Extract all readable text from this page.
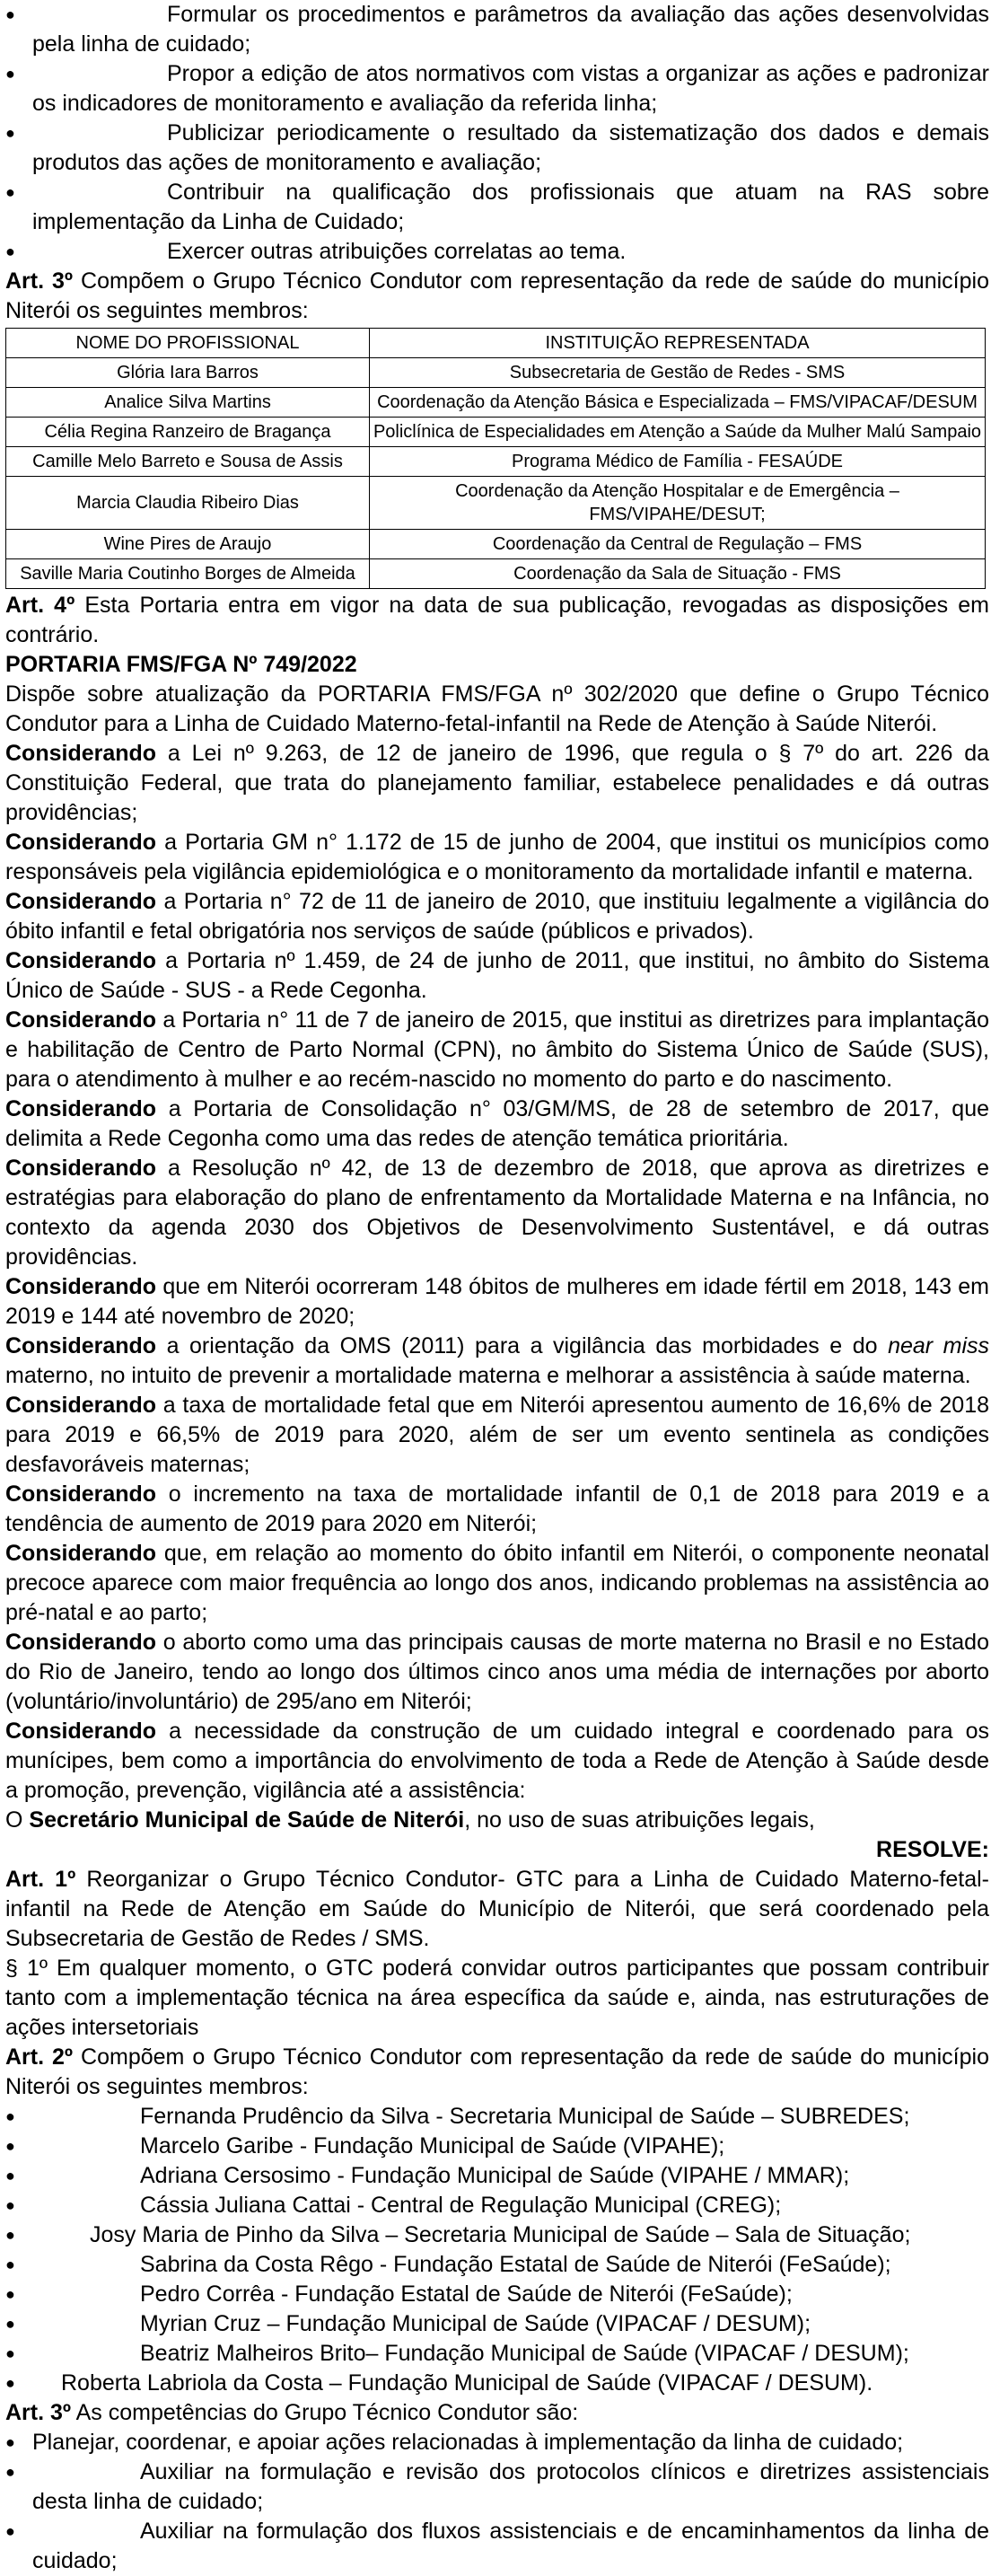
●	Formular os procedimentos e parâmetros da avaliação das ações desenvolvidas pela linha de cuidado;
●	Propor a edição de atos normativos com vistas a organizar as ações e padronizar os indicadores de monitoramento e avaliação da referida linha;
●	Publicizar periodicamente o resultado da sistematização dos dados e demais produtos das ações de monitoramento e avaliação;
●	Contribuir na qualificação dos profissionais que atuam na RAS sobre implementação da Linha de Cuidado;
●	Exercer outras atribuições correlatas ao tema.

Art. 3º Compõem o Grupo Técnico Condutor com representação da rede de saúde do município Niterói os seguintes membros:

NOME DO PROFISSIONAL	INSTITUIÇÃO REPRESENTADA
Glória Iara Barros	Subsecretaria de Gestão de Redes - SMS
Analice Silva Martins	Coordenação da Atenção Básica e Especializada – FMS/VIPACAF/DESUM
Célia Regina Ranzeiro de Bragança	Policlínica de Especialidades em Atenção a Saúde da Mulher Malú Sampaio
Camille Melo Barreto e Sousa de Assis	Programa Médico de Família - FESAÚDE
Marcia Claudia Ribeiro Dias	Coordenação da Atenção Hospitalar e de Emergência – FMS/VIPAHE/DESUT;
Wine Pires de Araujo	Coordenação da Central de Regulação – FMS
Saville Maria Coutinho Borges de Almeida	Coordenação da Sala de Situação - FMS

Art. 4º Esta Portaria entra em vigor na data de sua publicação, revogadas as disposições em contrário.

PORTARIA FMS/FGA Nº 749/2022

Dispõe sobre atualização da PORTARIA FMS/FGA nº 302/2020 que define o Grupo Técnico Condutor para a Linha de Cuidado Materno-fetal-infantil na Rede de Atenção à Saúde Niterói.

Considerando a Lei nº 9.263, de 12 de janeiro de 1996, que regula o § 7º do art. 226 da Constituição Federal, que trata do planejamento familiar, estabelece penalidades e dá outras providências;

Considerando a Portaria GM n° 1.172 de 15 de junho de 2004, que institui os municípios como responsáveis pela vigilância epidemiológica e o monitoramento da mortalidade infantil e materna.

Considerando a Portaria n° 72 de 11 de janeiro de 2010, que instituiu legalmente a vigilância do óbito infantil e fetal obrigatória nos serviços de saúde (públicos e privados).

Considerando a Portaria nº 1.459, de 24 de junho de 2011, que institui, no âmbito do Sistema Único de Saúde - SUS - a Rede Cegonha.

Considerando a Portaria n° 11 de 7 de janeiro de 2015, que institui as diretrizes para implantação e habilitação de Centro de Parto Normal (CPN), no âmbito do Sistema Único de Saúde (SUS), para o atendimento à mulher e ao recém-nascido no momento do parto e do nascimento.

Considerando a Portaria de Consolidação n° 03/GM/MS, de 28 de setembro de 2017, que delimita a Rede Cegonha como uma das redes de atenção temática prioritária.

Considerando a Resolução nº 42, de 13 de dezembro de 2018, que aprova as diretrizes e estratégias para elaboração do plano de enfrentamento da Mortalidade Materna e na Infância, no contexto da agenda 2030 dos Objetivos de Desenvolvimento Sustentável, e dá outras providências.

Considerando que em Niterói ocorreram 148 óbitos de mulheres em idade fértil em 2018, 143 em 2019 e 144 até novembro de 2020;

Considerando a orientação da OMS (2011) para a vigilância das morbidades e do near miss materno, no intuito de prevenir a mortalidade materna e melhorar a assistência à saúde materna.

Considerando a taxa de mortalidade fetal que em Niterói apresentou aumento de 16,6% de 2018 para 2019 e 66,5% de 2019 para 2020, além de ser um evento sentinela as condições desfavoráveis maternas;

Considerando o incremento na taxa de mortalidade infantil de 0,1 de 2018 para 2019 e a tendência de aumento de 2019 para 2020 em Niterói;

Considerando que, em relação ao momento do óbito infantil em Niterói, o componente neonatal precoce aparece com maior frequência ao longo dos anos, indicando problemas na assistência ao pré-natal e ao parto;

Considerando o aborto como uma das principais causas de morte materna no Brasil e no Estado do Rio de Janeiro, tendo ao longo dos últimos cinco anos uma média de internações por aborto (voluntário/involuntário) de 295/ano em Niterói;

Considerando a necessidade da construção de um cuidado integral e coordenado para os munícipes, bem como a importância do envolvimento de toda a Rede de Atenção à Saúde desde a promoção, prevenção, vigilância até a assistência:

O Secretário Municipal de Saúde de Niterói, no uso de suas atribuições legais,

RESOLVE:

Art. 1º Reorganizar o Grupo Técnico Condutor- GTC para a Linha de Cuidado Materno-fetal-infantil na Rede de Atenção em Saúde do Município de Niterói, que será coordenado pela Subsecretaria de Gestão de Redes / SMS.

§ 1º Em qualquer momento, o GTC poderá convidar outros participantes que possam contribuir tanto com a implementação técnica na área específica da saúde e, ainda, nas estruturações de ações intersetoriais

Art. 2º Compõem o Grupo Técnico Condutor com representação da rede de saúde do município Niterói os seguintes membros:

●	Fernanda Prudêncio da Silva - Secretaria Municipal de Saúde – SUBREDES;
●	Marcelo Garibe - Fundação Municipal de Saúde (VIPAHE);
●	Adriana Cersosimo - Fundação Municipal de Saúde (VIPAHE / MMAR);
●	Cássia Juliana Cattai - Central de Regulação Municipal (CREG);
●	Josy Maria de Pinho da Silva – Secretaria Municipal de Saúde – Sala de Situação;
●	Sabrina da Costa Rêgo - Fundação Estatal de Saúde de Niterói (FeSaúde);
●	Pedro Corrêa - Fundação Estatal de Saúde de Niterói (FeSaúde);
●	Myrian Cruz – Fundação Municipal de Saúde (VIPACAF / DESUM);
●	Beatriz Malheiros Brito– Fundação Municipal de Saúde (VIPACAF / DESUM);
●	Roberta Labriola da Costa – Fundação Municipal de Saúde (VIPACAF / DESUM).

Art. 3º As competências do Grupo Técnico Condutor são:

● Planejar, coordenar, e apoiar ações relacionadas à implementação da linha de cuidado;
●	Auxiliar na formulação e revisão dos protocolos clínicos e diretrizes assistenciais desta linha de cuidado;
●	Auxiliar na formulação dos fluxos assistenciais e de encaminhamentos da linha de cuidado;
